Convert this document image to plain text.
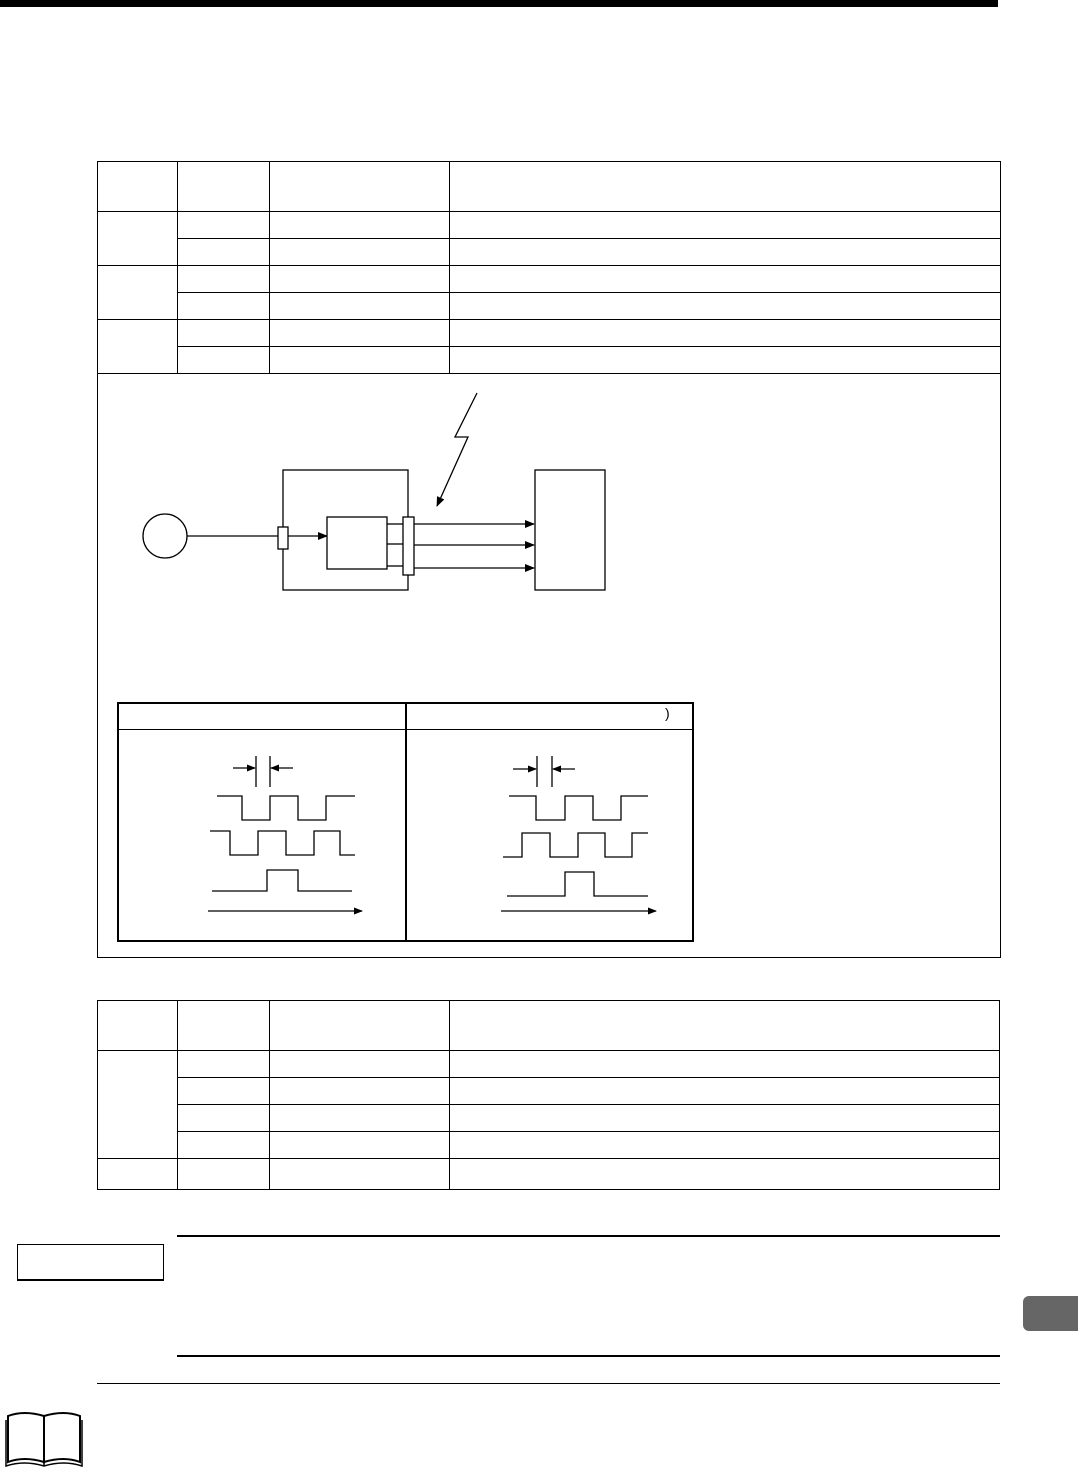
)
